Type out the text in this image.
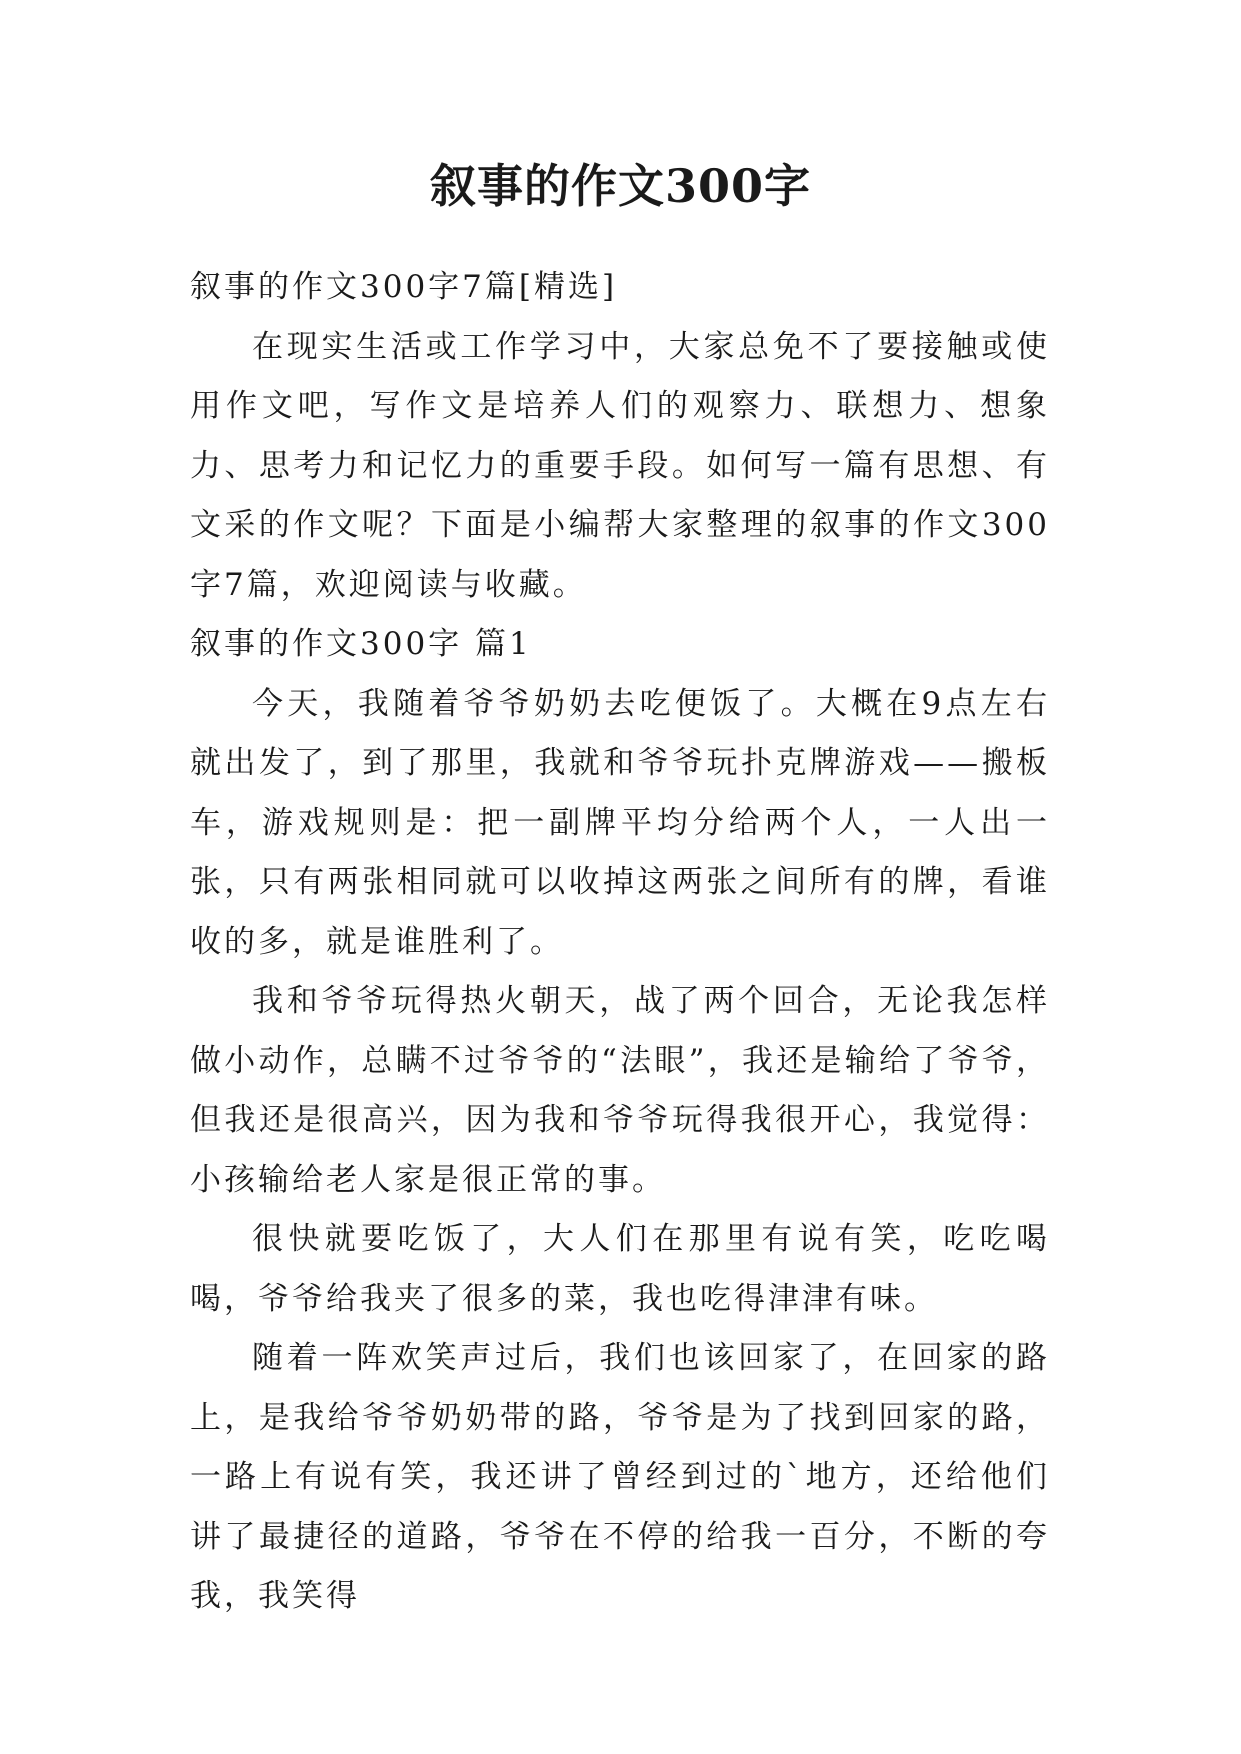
叙事的作文300字

叙事的作文300字7篇[精选]

在现实生活或工作学习中，大家总免不了要接触或使用作文吧，写作文是培养人们的观察力、联想力、想象力、思考力和记忆力的重要手段。如何写一篇有思想、有文采的作文呢？下面是小编帮大家整理的叙事的作文300字7篇，欢迎阅读与收藏。

叙事的作文300字 篇1

今天，我随着爷爷奶奶去吃便饭了。大概在9点左右就出发了，到了那里，我就和爷爷玩扑克牌游戏——搬板车，游戏规则是：把一副牌平均分给两个人，一人出一张，只有两张相同就可以收掉这两张之间所有的牌，看谁收的多，就是谁胜利了。

我和爷爷玩得热火朝天，战了两个回合，无论我怎样做小动作，总瞒不过爷爷的“法眼”，我还是输给了爷爷，但我还是很高兴，因为我和爷爷玩得我很开心，我觉得：小孩输给老人家是很正常的事。

很快就要吃饭了，大人们在那里有说有笑，吃吃喝喝，爷爷给我夹了很多的菜，我也吃得津津有味。

随着一阵欢笑声过后，我们也该回家了，在回家的路上，是我给爷爷奶奶带的路，爷爷是为了找到回家的路，一路上有说有笑，我还讲了曾经到过的`地方，还给他们讲了最捷径的道路，爷爷在不停的给我一百分，不断的夸我，我笑得
